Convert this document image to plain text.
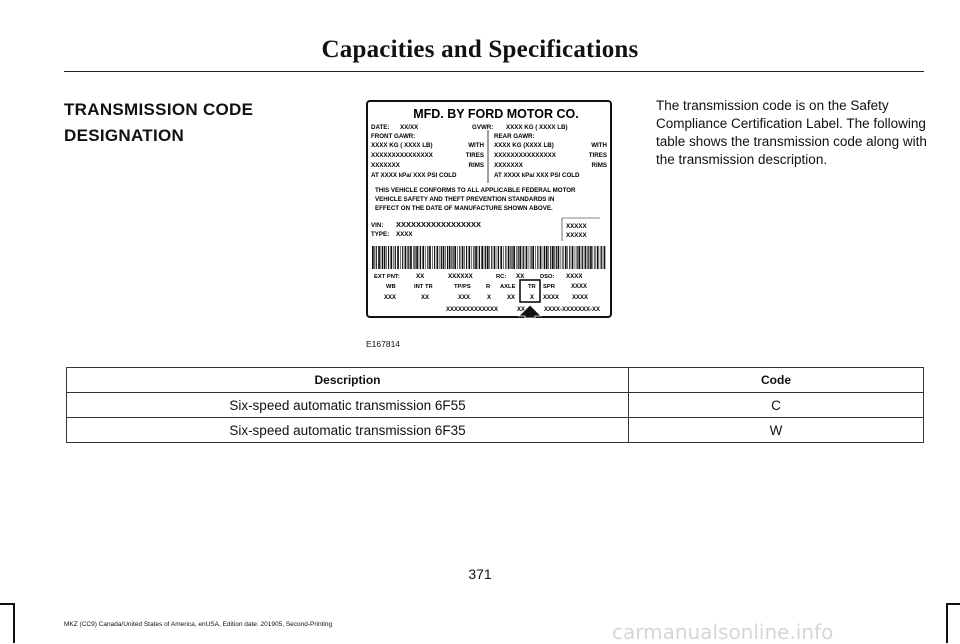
Capacities and Specifications
TRANSMISSION CODE
DESIGNATION
The transmission code is on the Safety Compliance Certification Label. The following table shows the transmission code along with the transmission description.
MFD. BY FORD MOTOR CO.
DATE: XX/XX	GVWR: XXXX KG ( XXXX LB)
FRONT GAWR:
XXXX KG ( XXXX LB)	WITH
XXXXXXXXXXXXXXX	TIRES
XXXXXXX	RIMS
AT XXXX kPa/ XXX PSI COLD
REAR GAWR:
XXXX KG (XXXX LB)	WITH
XXXXXXXXXXXXXXX	TIRES
XXXXXXX	RIMS
AT XXXX kPa/ XXX PSI COLD
THIS VEHICLE CONFORMS TO ALL APPLICABLE FEDERAL MOTOR
VEHICLE SAFETY AND THEFT PREVENTION STANDARDS IN
EFFECT ON THE DATE OF MANUFACTURE SHOWN ABOVE.
VIN: XXXXXXXXXXXXXXXXX
TYPE: XXXX
XXXXX
XXXXX
EXT PNT:	XX	XXXXXX	RC: XX	DSO: XXXX
WB	INT TR	TP/PS	R AXLE TR SPR	XXXX
XXX	XX	XXX	X	XX X XXXX XXXX
XXXXXXXXXXXXX	XX	XXXX-XXXXXXX-XX
E167814
Description	Code
Six-speed automatic transmission 6F55	C
Six-speed automatic transmission 6F35	W
371
MKZ (CC9) Canada/United States of America, enUSA, Edition date: 201905, Second-Printing	carmanualsonline.info
